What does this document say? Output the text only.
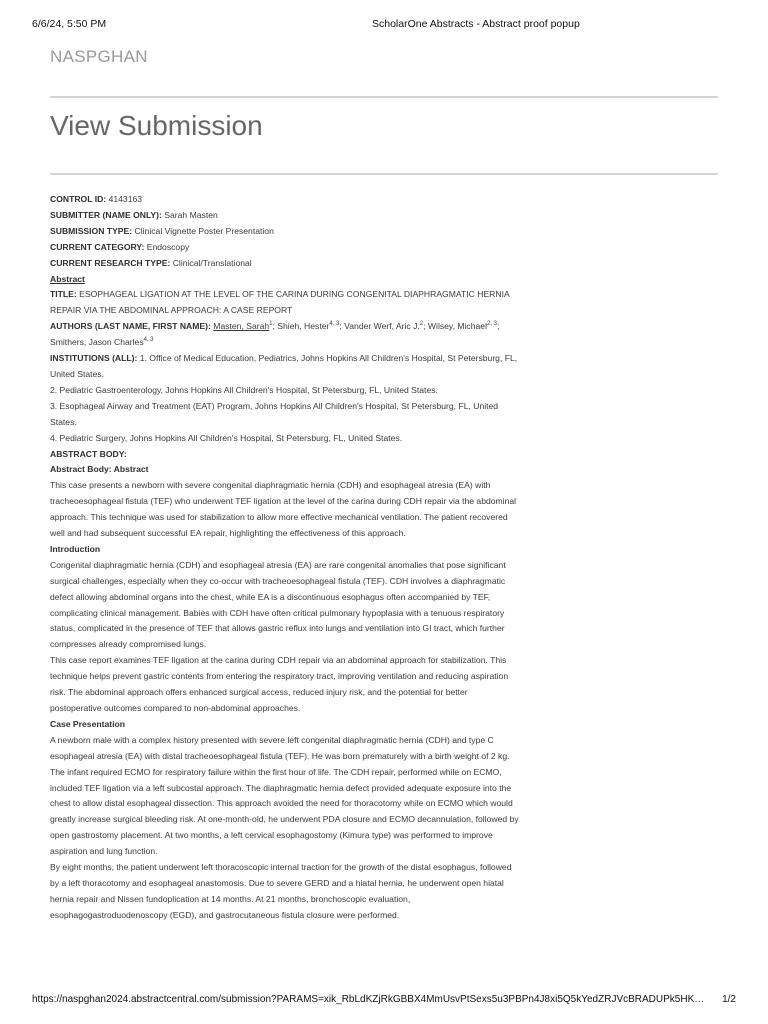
6/6/24, 5:50 PM	ScholarOne Abstracts - Abstract proof popup
NASPGHAN
View Submission

CONTROL ID: 4143163

SUBMITTER (NAME ONLY): Sarah Masten

SUBMISSION TYPE: Clinical Vignette Poster Presentation

CURRENT CATEGORY: Endoscopy

CURRENT RESEARCH TYPE: Clinical/Translational

Abstract

TITLE: ESOPHAGEAL LIGATION AT THE LEVEL OF THE CARINA DURING CONGENITAL DIAPHRAGMATIC HERNIA REPAIR VIA THE ABDOMINAL APPROACH: A CASE REPORT

AUTHORS (LAST NAME, FIRST NAME): Masten, Sarah$^1$; Shieh, Hester$^{4, 3}$; Vander Werf, Aric J.$^2$; Wilsey, Michael$^{2, 3}$; Smithers, Jason Charles$^{4, 3}$

INSTITUTIONS (ALL): 1. Office of Medical Education, Pediatrics, Johns Hopkins All Children's Hospital, St Petersburg, FL, United States.

2. Pediatric Gastroenterology, Johns Hopkins All Children's Hospital, St Petersburg, FL, United States.

3. Esophageal Airway and Treatment (EAT) Program, Johns Hopkins All Children's Hospital, St Petersburg, FL, United States.

4. Pediatric Surgery, Johns Hopkins All Children's Hospital, St Petersburg, FL, United States.

ABSTRACT BODY:

Abstract Body: Abstract

This case presents a newborn with severe congenital diaphragmatic hernia (CDH) and esophageal atresia (EA) with tracheoesophageal fistula (TEF) who underwent TEF ligation at the level of the carina during CDH repair via the abdominal approach. This technique was used for stabilization to allow more effective mechanical ventilation. The patient recovered well and had subsequent successful EA repair, highlighting the effectiveness of this approach.

Introduction

Congenital diaphragmatic hernia (CDH) and esophageal atresia (EA) are rare congenital anomalies that pose significant surgical challenges, especially when they co-occur with tracheoesophageal fistula (TEF). CDH involves a diaphragmatic defect allowing abdominal organs into the chest, while EA is a discontinuous esophagus often accompanied by TEF, complicating clinical management. Babies with CDH have often critical pulmonary hypoplasia with a tenuous respiratory status, complicated in the presence of TEF that allows gastric reflux into lungs and ventilation into GI tract, which further compresses already compromised lungs.

This case report examines TEF ligation at the carina during CDH repair via an abdominal approach for stabilization. This technique helps prevent gastric contents from entering the respiratory tract, improving ventilation and reducing aspiration risk. The abdominal approach offers enhanced surgical access, reduced injury risk, and the potential for better postoperative outcomes compared to non-abdominal approaches.

Case Presentation

A newborn male with a complex history presented with severe left congenital diaphragmatic hernia (CDH) and type C esophageal atresia (EA) with distal tracheoesophageal fistula (TEF). He was born prematurely with a birth weight of 2 kg. The infant required ECMO for respiratory failure within the first hour of life. The CDH repair, performed while on ECMO, included TEF ligation via a left subcostal approach. The diaphragmatic hernia defect provided adequate exposure into the chest to allow distal esophageal dissection. This approach avoided the need for thoracotomy while on ECMO which would greatly increase surgical bleeding risk. At one-month-old, he underwent PDA closure and ECMO decannulation, followed by open gastrostomy placement. At two months, a left cervical esophagostomy (Kimura type) was performed to improve aspiration and lung function.

By eight months, the patient underwent left thoracoscopic internal traction for the growth of the distal esophagus, followed by a left thoracotomy and esophageal anastomosis. Due to severe GERD and a hiatal hernia, he underwent open hiatal hernia repair and Nissen fundoplication at 14 months. At 21 months, bronchoscopic evaluation, esophagogastroduodenoscopy (EGD), and gastrocutaneous fistula closure were performed.

https://naspghan2024.abstractcentral.com/submission?PARAMS=xik_RbLdKZjRkGBBX4MmUsvPtSexs5u3PBPn4J8xi5Q5kYedZRJVcBRADUPk5HK…	1/2
